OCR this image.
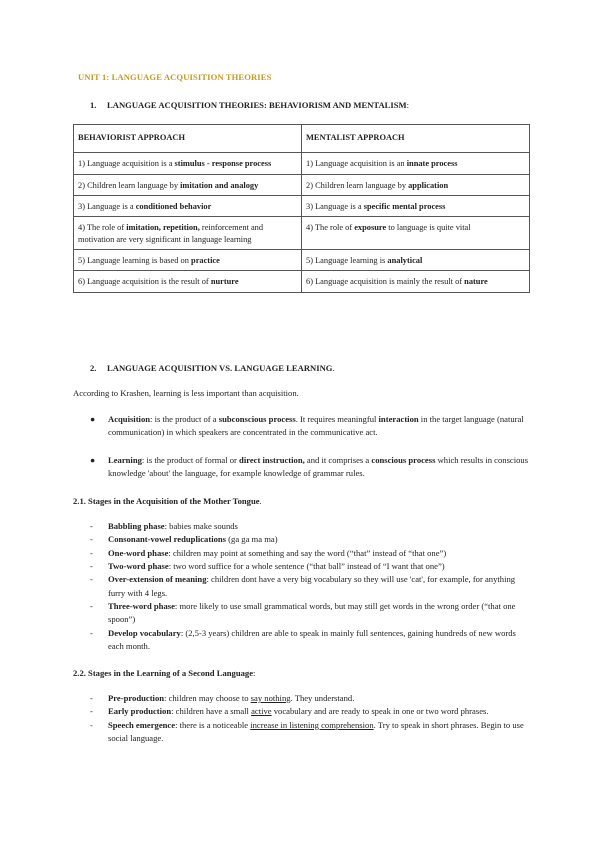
UNIT 1: LANGUAGE ACQUISITION THEORIES
1. LANGUAGE ACQUISITION THEORIES: BEHAVIORISM AND MENTALISM:
BEHAVIORIST APPROACH	MENTALIST APPROACH
1) Language acquisition is a stimulus - response process	1) Language acquisition is an innate process
2) Children learn language by imitation and analogy	2) Children learn language by application
3) Language is a conditioned behavior	3) Language is a specific mental process
4) The role of imitation, repetition, reinforcement and motivation are very significant in language learning	4) The role of exposure to language is quite vital
5) Language learning is based on practice	5) Language learning is analytical
6) Language acquisition is the result of nurture	6) Language acquisition is mainly the result of nature
2. LANGUAGE ACQUISITION VS. LANGUAGE LEARNING.
According to Krashen, learning is less important than acquisition.
● Acquisition: is the product of a subconscious process. It requires meaningful interaction in the target language (natural communication) in which speakers are concentrated in the communicative act.
● Learning: is the product of formal or direct instruction, and it comprises a conscious process which results in conscious knowledge 'about' the language, for example knowledge of grammar rules.
2.1. Stages in the Acquisition of the Mother Tongue.
- Babbling phase: babies make sounds
- Consonant-vowel reduplications (ga ga ma ma)
- One-word phase: children may point at something and say the word (“that” instead of “that one”)
- Two-word phase: two word suffice for a whole sentence (“that ball” instead of “I want that one”)
- Over-extension of meaning: children dont have a very big vocabulary so they will use 'cat', for example, for anything furry with 4 legs.
- Three-word phase: more likely to use small grammatical words, but may still get words in the wrong order (“that one spoon”)
- Develop vocabulary: (2,5-3 years) children are able to speak in mainly full sentences, gaining hundreds of new words each month.
2.2. Stages in the Learning of a Second Language:
- Pre-production: children may choose to say nothing. They understand.
- Early production: children have a small active vocabulary and are ready to speak in one or two word phrases.
- Speech emergence: there is a noticeable increase in listening comprehension. Try to speak in short phrases. Begin to use social language.
